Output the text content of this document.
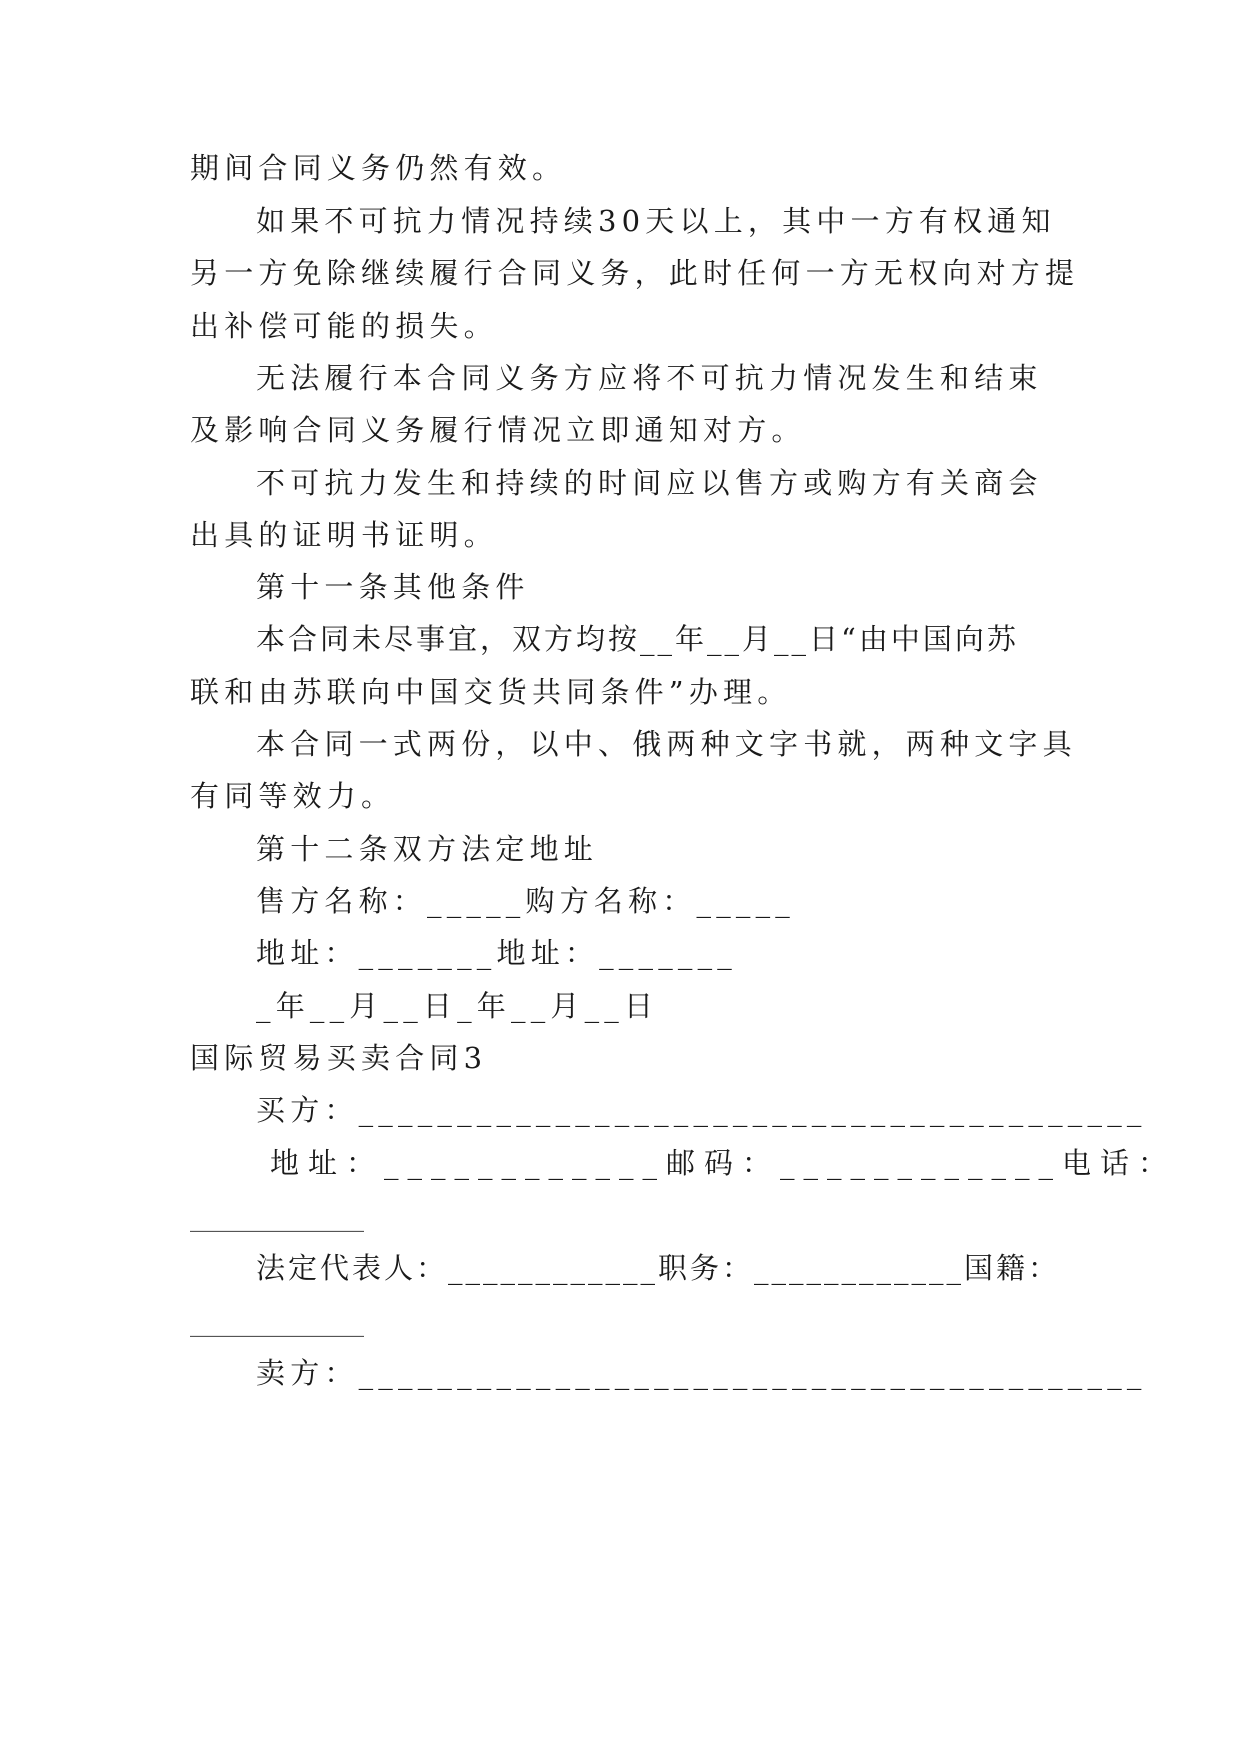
期间合同义务仍然有效。
如果不可抗力情况持续30天以上，其中一方有权通知
另一方免除继续履行合同义务，此时任何一方无权向对方提
出补偿可能的损失。
无法履行本合同义务方应将不可抗力情况发生和结束
及影响合同义务履行情况立即通知对方。
不可抗力发生和持续的时间应以售方或购方有关商会
出具的证明书证明。
第十一条其他条件
本合同未尽事宜，双方均按__年__月__日“由中国向苏
联和由苏联向中国交货共同条件”办理。
本合同一式两份，以中、俄两种文字书就，两种文字具
有同等效力。
第十二条双方法定地址
售方名称：_____购方名称：_____
地址：_______地址：_______
_年__月__日_年__月__日
国际贸易买卖合同3
买方：________________________________________
地址：____________邮码：____________电话：
____________
法定代表人：____________职务：____________国籍：
____________
卖方：________________________________________
